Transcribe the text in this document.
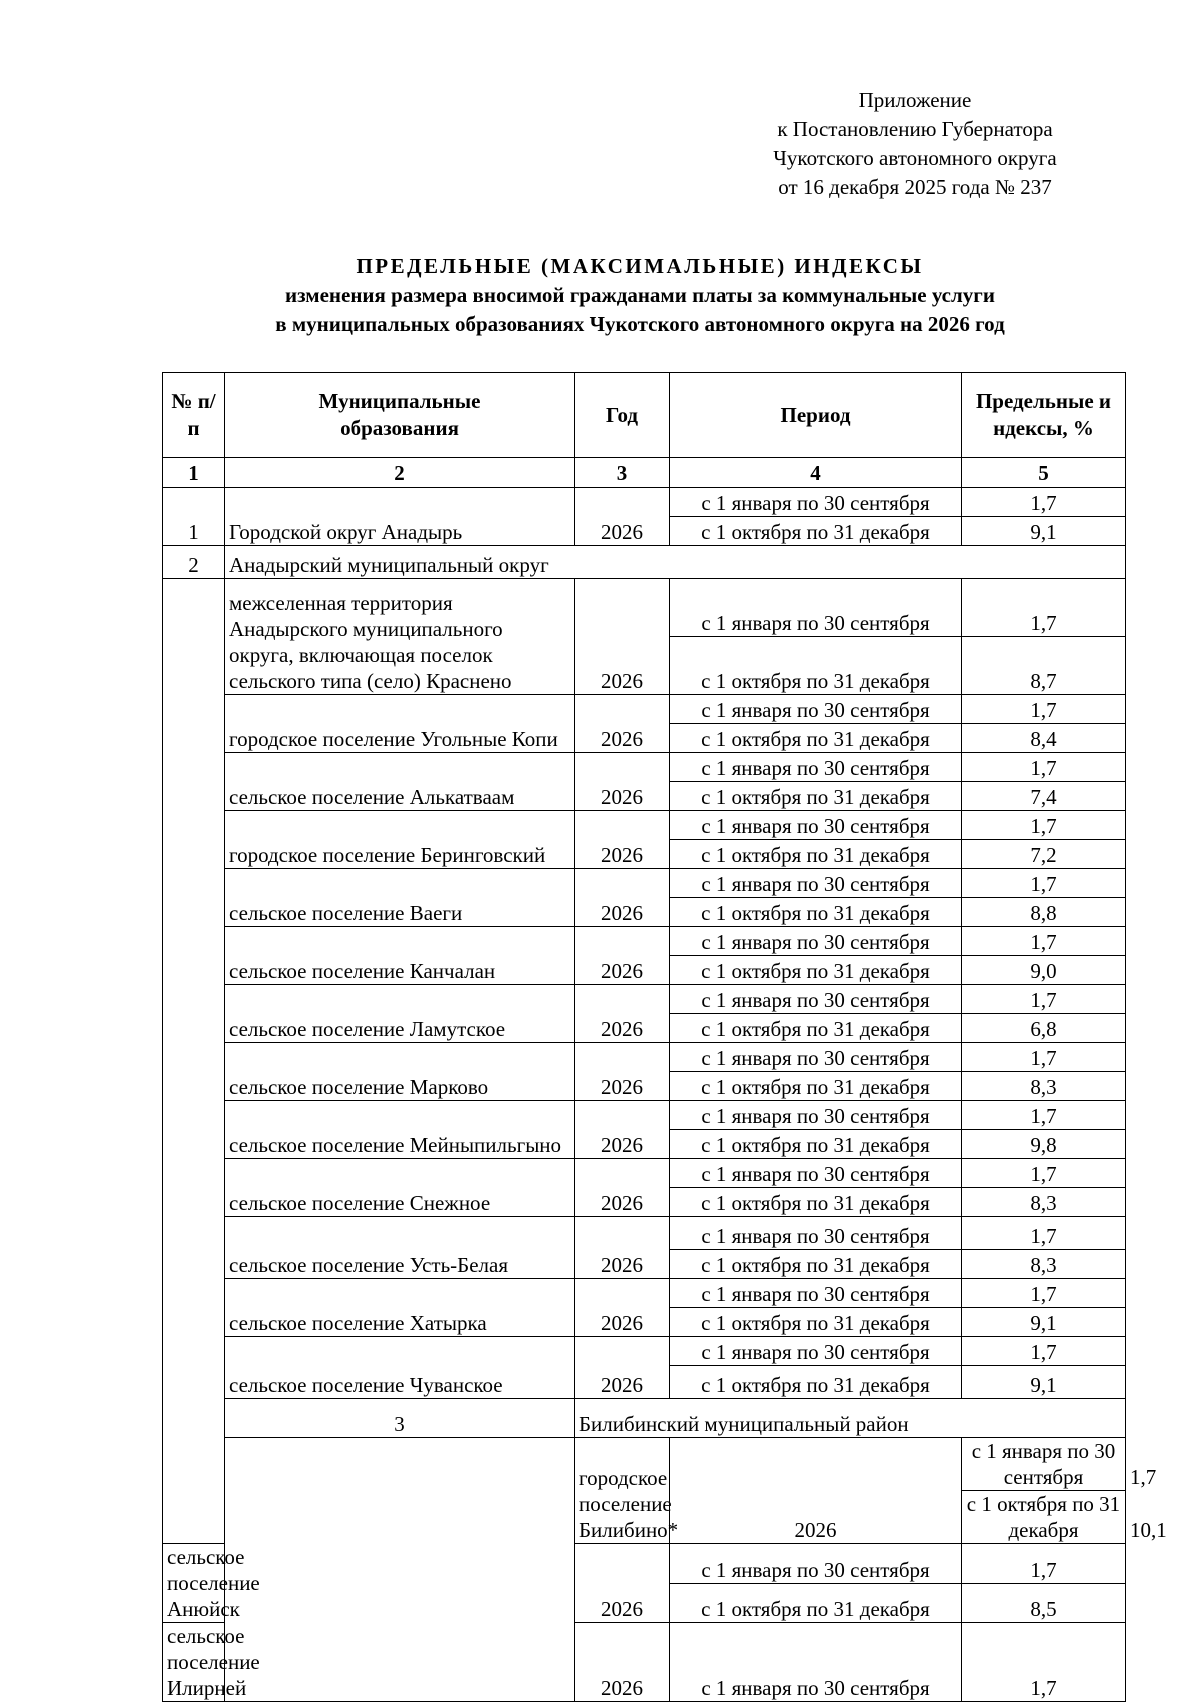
Приложение
к Постановлению Губернатора
Чукотского автономного округа
от 16 декабря 2025 года № 237
ПРЕДЕЛЬНЫЕ (МАКСИМАЛЬНЫЕ) ИНДЕКСЫ
изменения размера вносимой гражданами платы за коммунальные услуги
в муниципальных образованиях Чукотского автономного округа на 2026 год
№ п/п	Муниципальные образования	Год	Период	Предельные индексы, %	
1	2	3	4	5	
1	Городской округ Анадырь	2026	с 1 января по 30 сентября	1,7	
			с 1 октября по 31 декабря	9,1	
2	Анадырский муниципальный округ				
	межселенная территория Анадырского муниципального округа, включающая поселок сельского типа (село) Краснено	2026	с 1 января по 30 сентября	1,7	
			с 1 октября по 31 декабря	8,7	
	городское поселение Угольные Копи	2026	с 1 января по 30 сентября	1,7	
			с 1 октября по 31 декабря	8,4	
	сельское поселение Алькатваам	2026	с 1 января по 30 сентября	1,7	
			с 1 октября по 31 декабря	7,4	
	городское поселение Беринговский	2026	с 1 января по 30 сентября	1,7	
			с 1 октября по 31 декабря	7,2	
	сельское поселение Ваеги	2026	с 1 января по 30 сентября	1,7	
			с 1 октября по 31 декабря	8,8	
	сельское поселение Канчалан	2026	с 1 января по 30 сентября	1,7	
			с 1 октября по 31 декабря	9,0	
	сельское поселение Ламутское	2026	с 1 января по 30 сентября	1,7	
			с 1 октября по 31 декабря	6,8	
	сельское поселение Марково	2026	с 1 января по 30 сентября	1,7	
			с 1 октября по 31 декабря	8,3	
	сельское поселение Мейныпильгыно	2026	с 1 января по 30 сентября	1,7	
			с 1 октября по 31 декабря	9,8	
	сельское поселение Снежное	2026	с 1 января по 30 сентября	1,7	
			с 1 октября по 31 декабря	8,3	
	сельское поселение Усть-Белая	2026	с 1 января по 30 сентября	1,7	
			с 1 октября по 31 декабря	8,3	
	сельское поселение Хатырка	2026	с 1 января по 30 сентября	1,7	
			с 1 октября по 31 декабря	9,1	
	сельское поселение Чуванское	2026	с 1 января по 30 сентября	1,7	
			с 1 октября по 31 декабря	9,1	
	3	Билибинский муниципальный район			
		городское поселение Билибино*	2026	с 1 января по 30 сентября	1,7
				с 1 октября по 31 декабря	10,1
сельское поселение Анюйск		2026	с 1 января по 30 сентября	1,7	
			с 1 октября по 31 декабря	8,5	
сельское поселение Илирней		2026	с 1 января по 30 сентября	1,7	
